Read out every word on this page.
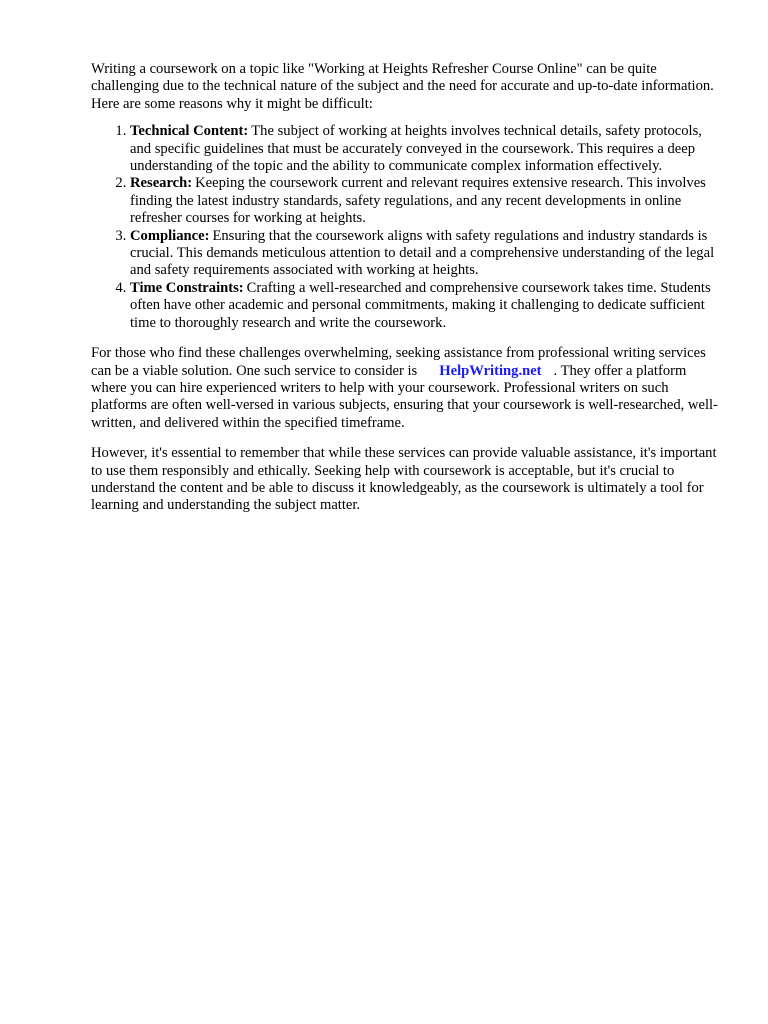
Writing a coursework on a topic like "Working at Heights Refresher Course Online" can be quite challenging due to the technical nature of the subject and the need for accurate and up-to-date information. Here are some reasons why it might be difficult:

1. Technical Content: The subject of working at heights involves technical details, safety protocols, and specific guidelines that must be accurately conveyed in the coursework. This requires a deep understanding of the topic and the ability to communicate complex information effectively.
2. Research: Keeping the coursework current and relevant requires extensive research. This involves finding the latest industry standards, safety regulations, and any recent developments in online refresher courses for working at heights.
3. Compliance: Ensuring that the coursework aligns with safety regulations and industry standards is crucial. This demands meticulous attention to detail and a comprehensive understanding of the legal and safety requirements associated with working at heights.
4. Time Constraints: Crafting a well-researched and comprehensive coursework takes time. Students often have other academic and personal commitments, making it challenging to dedicate sufficient time to thoroughly research and write the coursework.

For those who find these challenges overwhelming, seeking assistance from professional writing services can be a viable solution. One such service to consider is HelpWriting.net . They offer a platform where you can hire experienced writers to help with your coursework. Professional writers on such platforms are often well-versed in various subjects, ensuring that your coursework is well-researched, well-written, and delivered within the specified timeframe.

However, it's essential to remember that while these services can provide valuable assistance, it's important to use them responsibly and ethically. Seeking help with coursework is acceptable, but it's crucial to understand the content and be able to discuss it knowledgeably, as the coursework is ultimately a tool for learning and understanding the subject matter.
